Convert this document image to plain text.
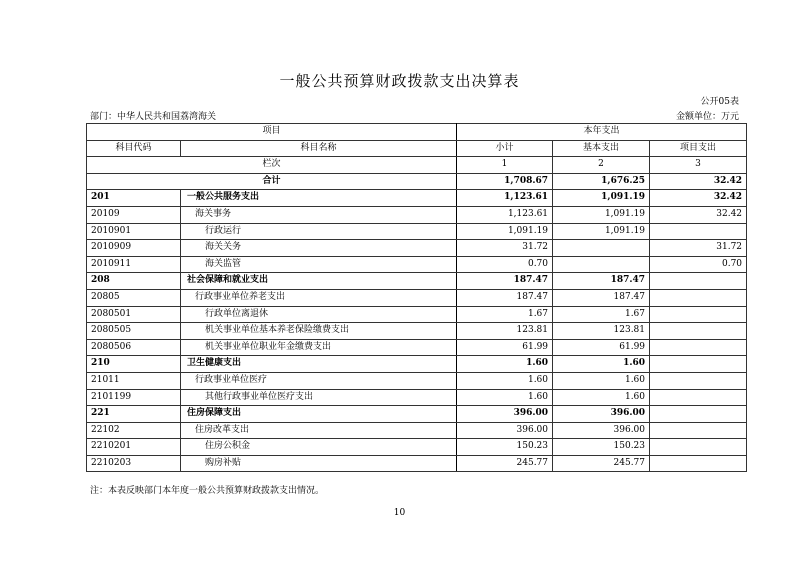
一般公共预算财政拨款支出决算表
公开05表
部门：中华人民共和国荔湾海关	金额单位：万元
项目		本年支出		
科目代码	科目名称	小计	基本支出	项目支出
栏次		1	2	3
合计		1,708.67	1,676.25	32.42
201	一般公共服务支出	1,123.61	1,091.19	32.42
20109	海关事务	1,123.61	1,091.19	32.42
2010901	行政运行	1,091.19	1,091.19	
2010909	海关关务	31.72		31.72
2010911	海关监管	0.70		0.70
208	社会保障和就业支出	187.47	187.47	
20805	行政事业单位养老支出	187.47	187.47	
2080501	行政单位离退休	1.67	1.67	
2080505	机关事业单位基本养老保险缴费支出	123.81	123.81	
2080506	机关事业单位职业年金缴费支出	61.99	61.99	
210	卫生健康支出	1.60	1.60	
21011	行政事业单位医疗	1.60	1.60	
2101199	其他行政事业单位医疗支出	1.60	1.60	
221	住房保障支出	396.00	396.00	
22102	住房改革支出	396.00	396.00	
2210201	住房公积金	150.23	150.23	
2210203	购房补贴	245.77	245.77	
注：本表反映部门本年度一般公共预算财政拨款支出情况。
10
